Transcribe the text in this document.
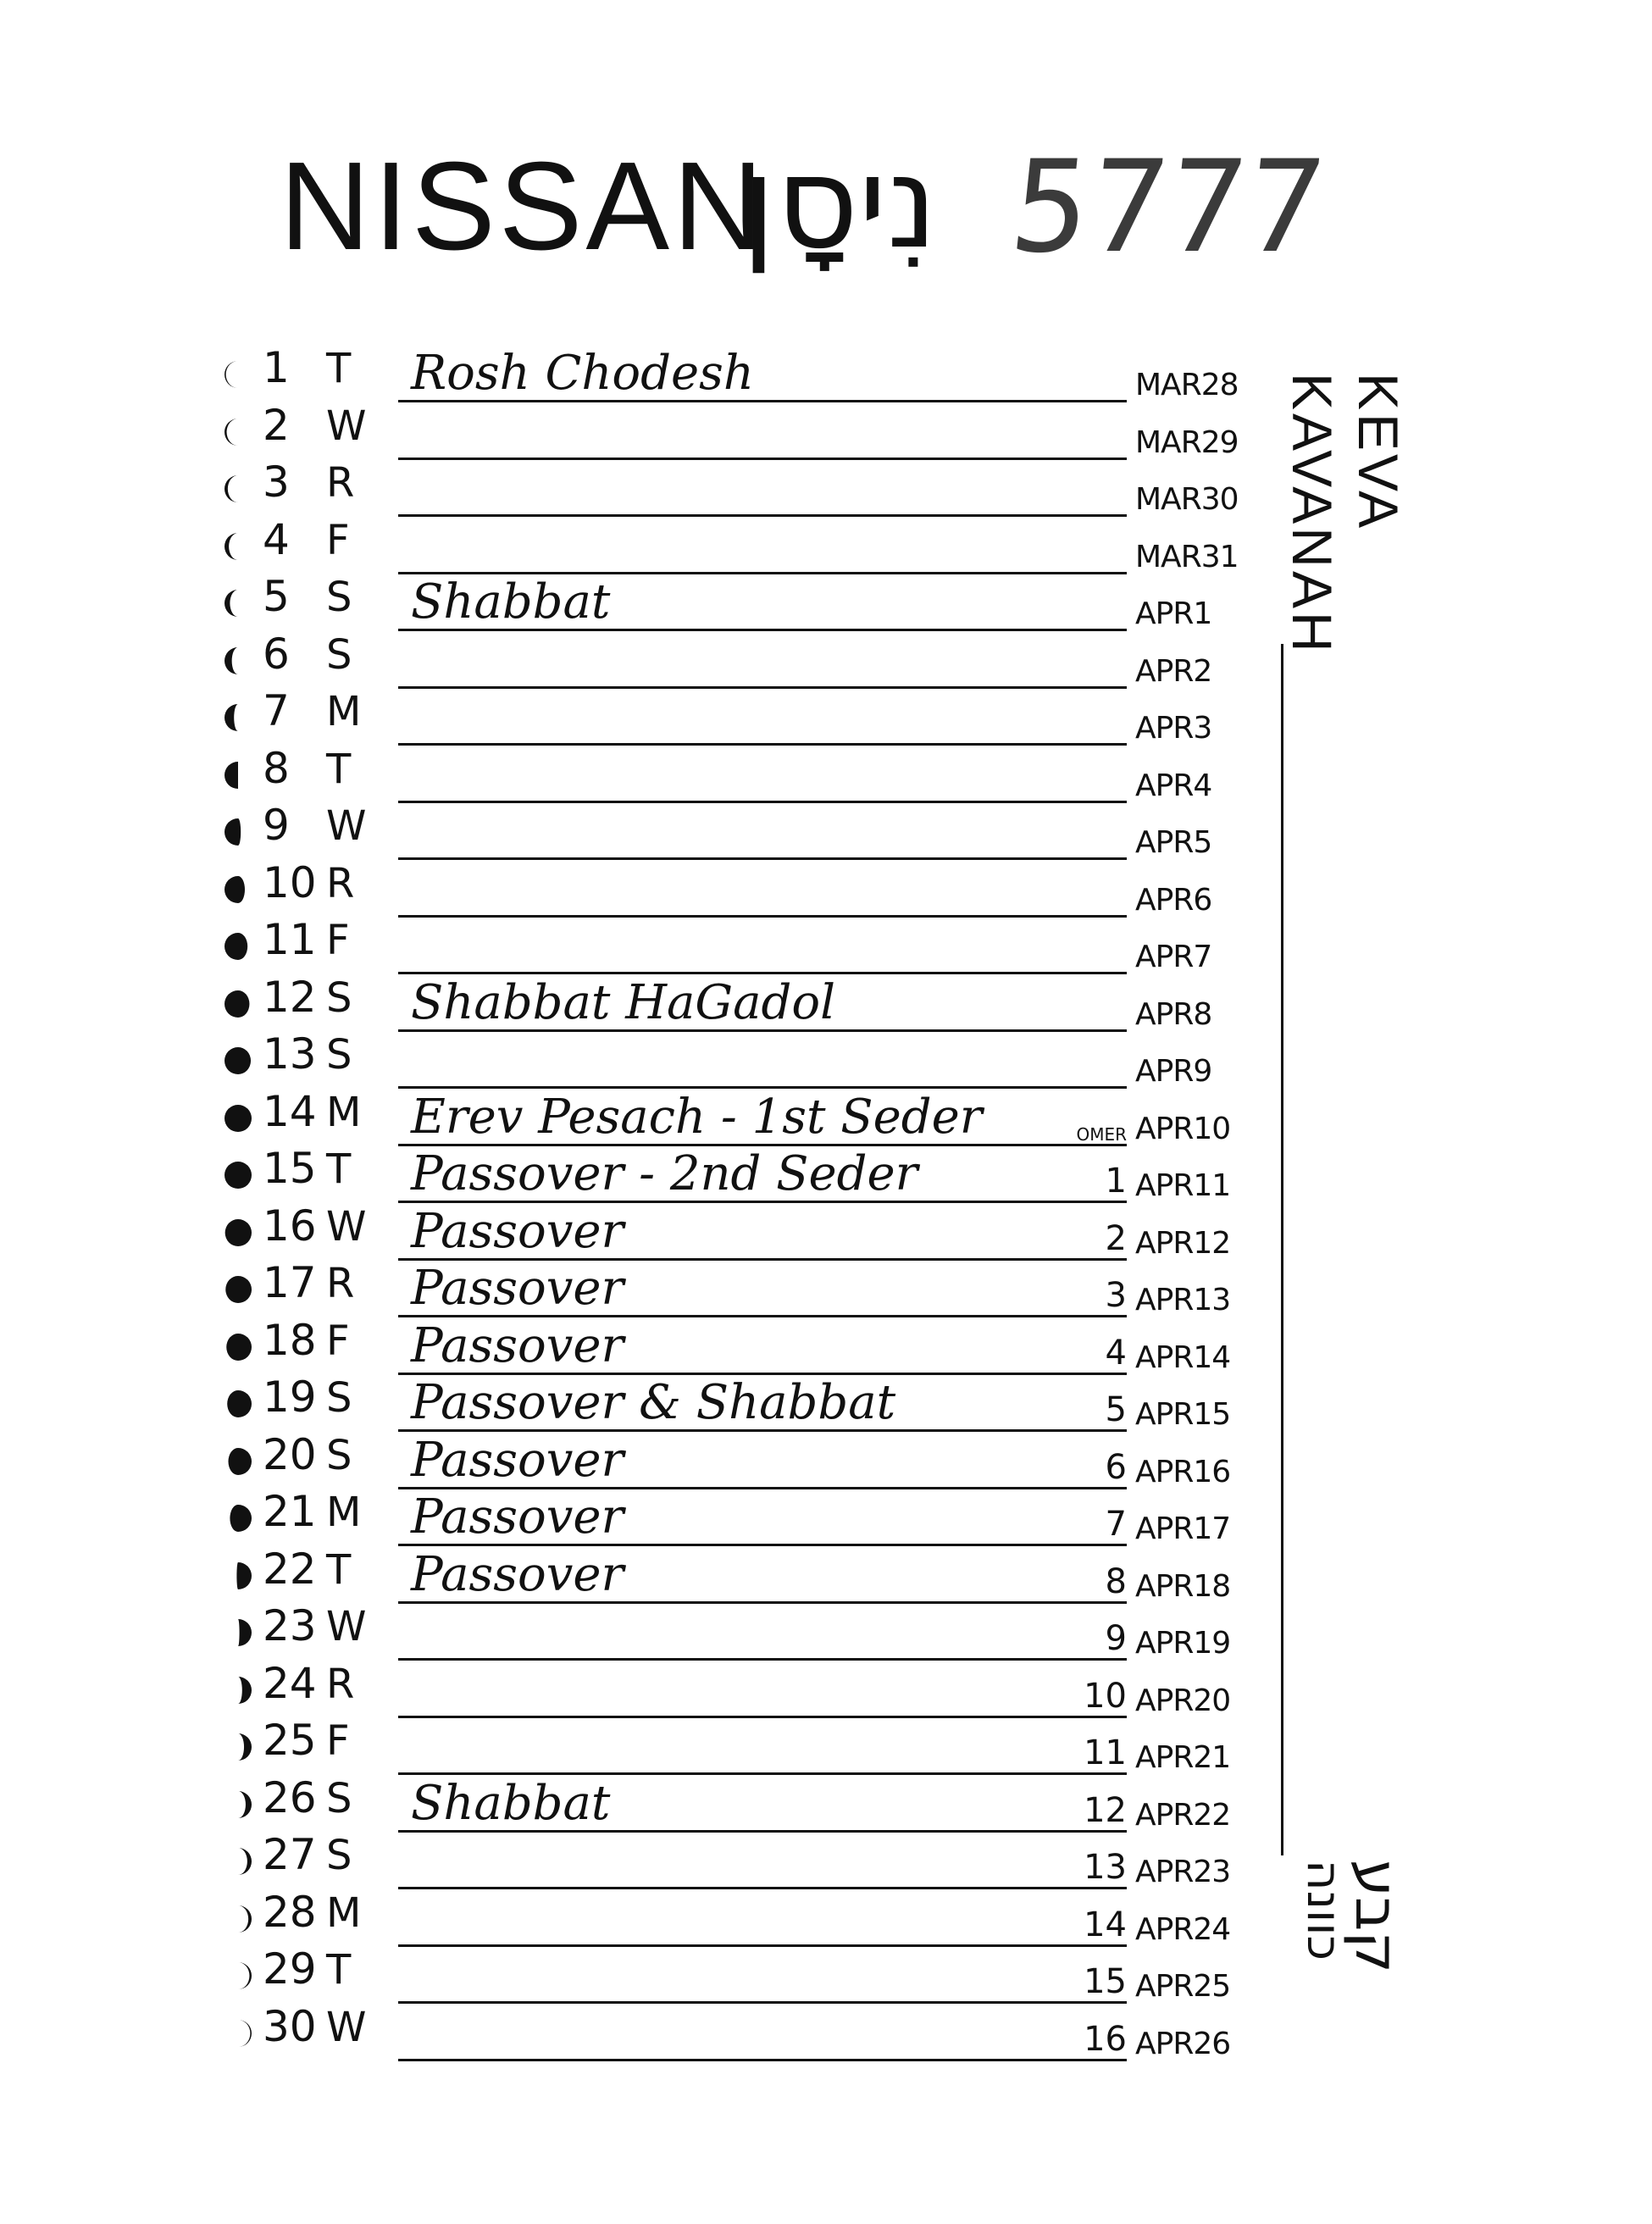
NISSAN
נִיסָן 5777
1 T	Rosh Chodesh	MAR28
2 W	MAR29
3 R	MAR30
4 F	MAR31
5 S	Shabbat	APR1
6 S	APR2
7 M	APR3
8 T	APR4
9 W	APR5
10 R	APR6
11 F	APR7
12 S	Shabbat HaGadol	APR8
13 S	APR9
14 M Erev Pesach - 1st Seder	OMER APR10
15 T	Passover - 2nd Seder	1 APR11
16 W Passover	2 APR12
17 R	Passover	3 APR13
18 F	Passover	4 APR14
19 S	Passover & Shabbat	5 APR15
20 S	Passover	6 APR16
21 M Passover	7 APR17
22 T	Passover	8 APR18
23 W	9 APR19
24 R	10 APR20
25 F	11 APR21
26 S	Shabbat	12 APR22
27 S	13 APR23
28 M	14 APR24
29 T	15 APR25
30 W	16 APR26
KEVA
KAVANAH
קבע
כוונה
